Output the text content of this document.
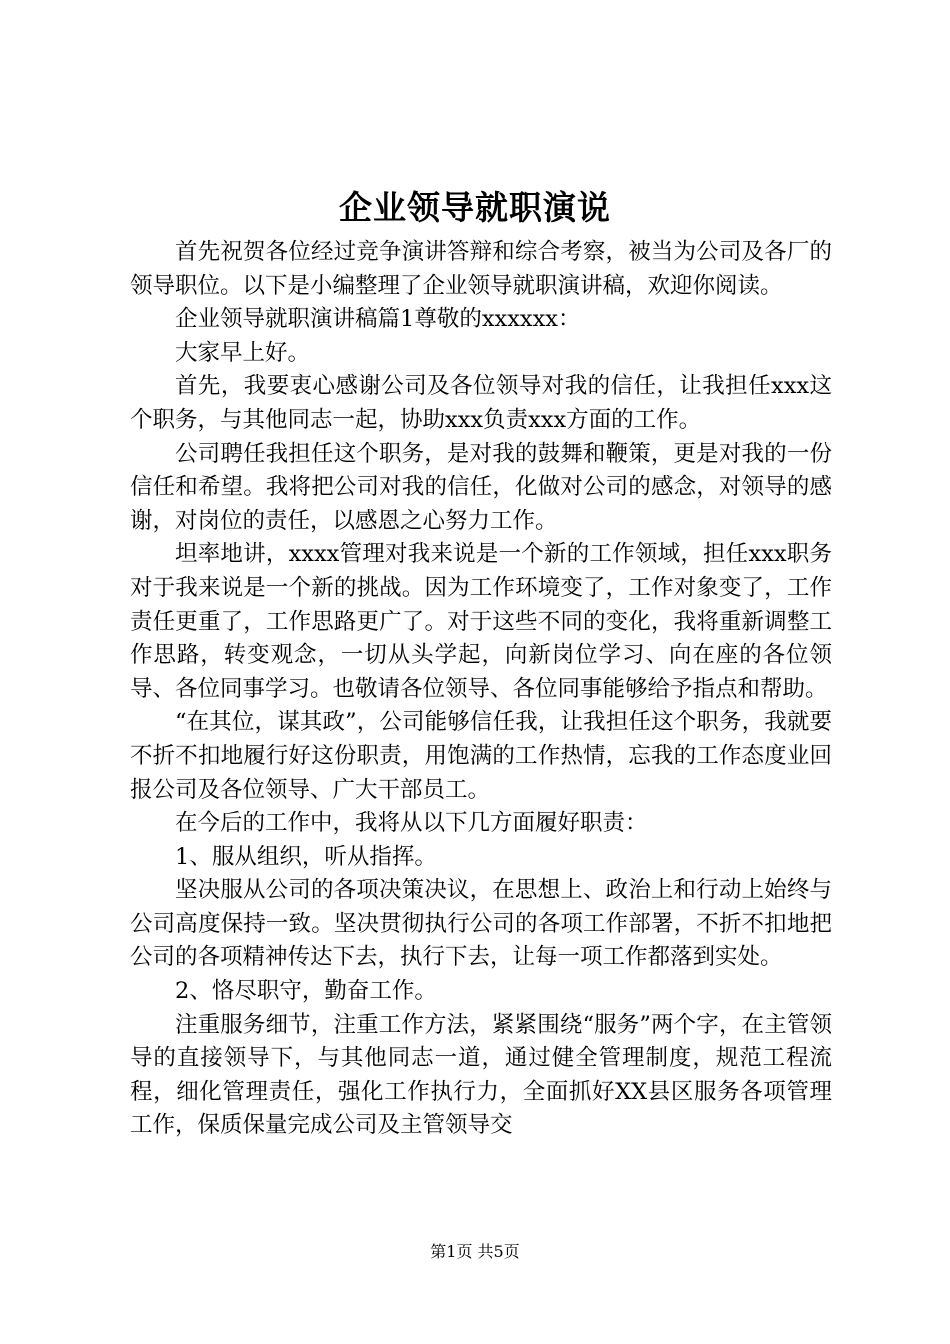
企业领导就职演说

首先祝贺各位经过竞争演讲答辩和综合考察，被当为公司及各厂的领导职位。以下是小编整理了企业领导就职演讲稿，欢迎你阅读。

企业领导就职演讲稿篇1尊敬的xxxxxx：

大家早上好。

首先，我要衷心感谢公司及各位领导对我的信任，让我担任xxx这个职务，与其他同志一起，协助xxx负责xxx方面的工作。

公司聘任我担任这个职务，是对我的鼓舞和鞭策，更是对我的一份信任和希望。我将把公司对我的信任，化做对公司的感念，对领导的感谢，对岗位的责任，以感恩之心努力工作。

坦率地讲，xxxx管理对我来说是一个新的工作领域，担任xxx职务对于我来说是一个新的挑战。因为工作环境变了，工作对象变了，工作责任更重了，工作思路更广了。对于这些不同的变化，我将重新调整工作思路，转变观念，一切从头学起，向新岗位学习、向在座的各位领导、各位同事学习。也敬请各位领导、各位同事能够给予指点和帮助。

“在其位，谋其政”，公司能够信任我，让我担任这个职务，我就要不折不扣地履行好这份职责，用饱满的工作热情，忘我的工作态度业回报公司及各位领导、广大干部员工。

在今后的工作中，我将从以下几方面履好职责：

1、服从组织，听从指挥。

坚决服从公司的各项决策决议，在思想上、政治上和行动上始终与公司高度保持一致。坚决贯彻执行公司的各项工作部署，不折不扣地把公司的各项精神传达下去，执行下去，让每一项工作都落到实处。

2、恪尽职守，勤奋工作。

注重服务细节，注重工作方法，紧紧围绕“服务”两个字，在主管领导的直接领导下，与其他同志一道，通过健全管理制度，规范工程流程，细化管理责任，强化工作执行力，全面抓好XX县区服务各项管理工作，保质保量完成公司及主管领导交

第1页 共5页
